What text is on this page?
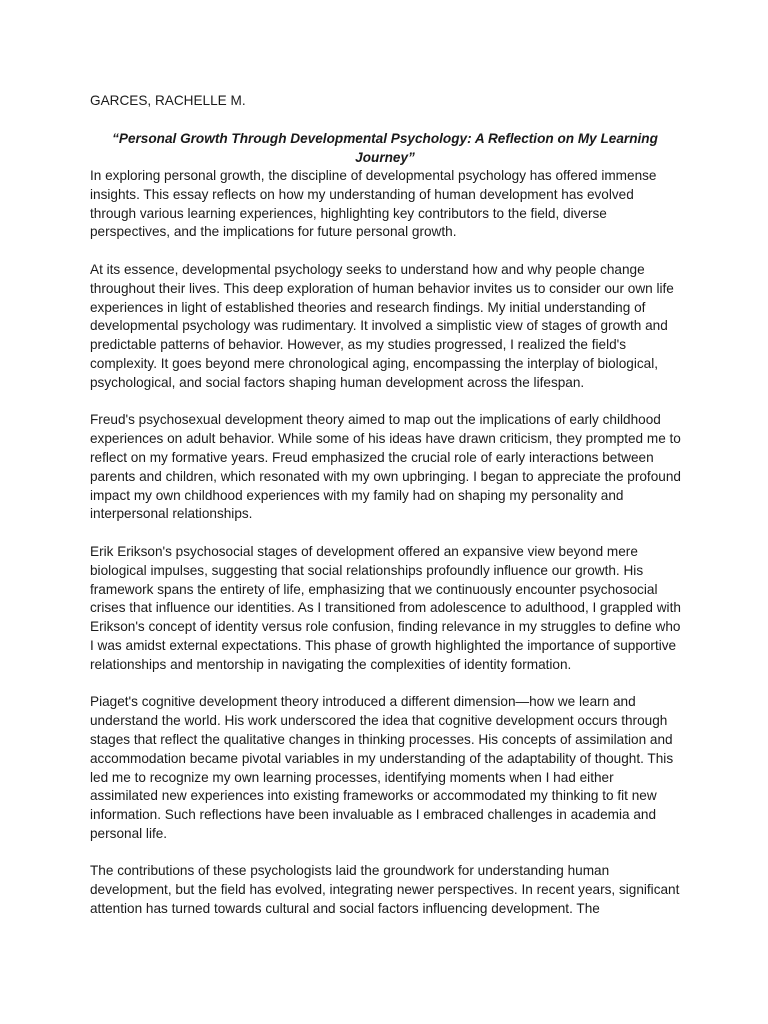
GARCES, RACHELLE M.

“Personal Growth Through Developmental Psychology: A Reflection on My Learning Journey”

In exploring personal growth, the discipline of developmental psychology has offered immense insights. This essay reflects on how my understanding of human development has evolved through various learning experiences, highlighting key contributors to the field, diverse perspectives, and the implications for future personal growth.

At its essence, developmental psychology seeks to understand how and why people change throughout their lives. This deep exploration of human behavior invites us to consider our own life experiences in light of established theories and research findings. My initial understanding of developmental psychology was rudimentary. It involved a simplistic view of stages of growth and predictable patterns of behavior. However, as my studies progressed, I realized the field's complexity. It goes beyond mere chronological aging, encompassing the interplay of biological, psychological, and social factors shaping human development across the lifespan.

Freud's psychosexual development theory aimed to map out the implications of early childhood experiences on adult behavior. While some of his ideas have drawn criticism, they prompted me to reflect on my formative years. Freud emphasized the crucial role of early interactions between parents and children, which resonated with my own upbringing. I began to appreciate the profound impact my own childhood experiences with my family had on shaping my personality and interpersonal relationships.

Erik Erikson's psychosocial stages of development offered an expansive view beyond mere biological impulses, suggesting that social relationships profoundly influence our growth. His framework spans the entirety of life, emphasizing that we continuously encounter psychosocial crises that influence our identities. As I transitioned from adolescence to adulthood, I grappled with Erikson's concept of identity versus role confusion, finding relevance in my struggles to define who I was amidst external expectations. This phase of growth highlighted the importance of supportive relationships and mentorship in navigating the complexities of identity formation.

Piaget's cognitive development theory introduced a different dimension—how we learn and understand the world. His work underscored the idea that cognitive development occurs through stages that reflect the qualitative changes in thinking processes. His concepts of assimilation and accommodation became pivotal variables in my understanding of the adaptability of thought. This led me to recognize my own learning processes, identifying moments when I had either assimilated new experiences into existing frameworks or accommodated my thinking to fit new information. Such reflections have been invaluable as I embraced challenges in academia and personal life.

The contributions of these psychologists laid the groundwork for understanding human development, but the field has evolved, integrating newer perspectives. In recent years, significant attention has turned towards cultural and social factors influencing development. The
